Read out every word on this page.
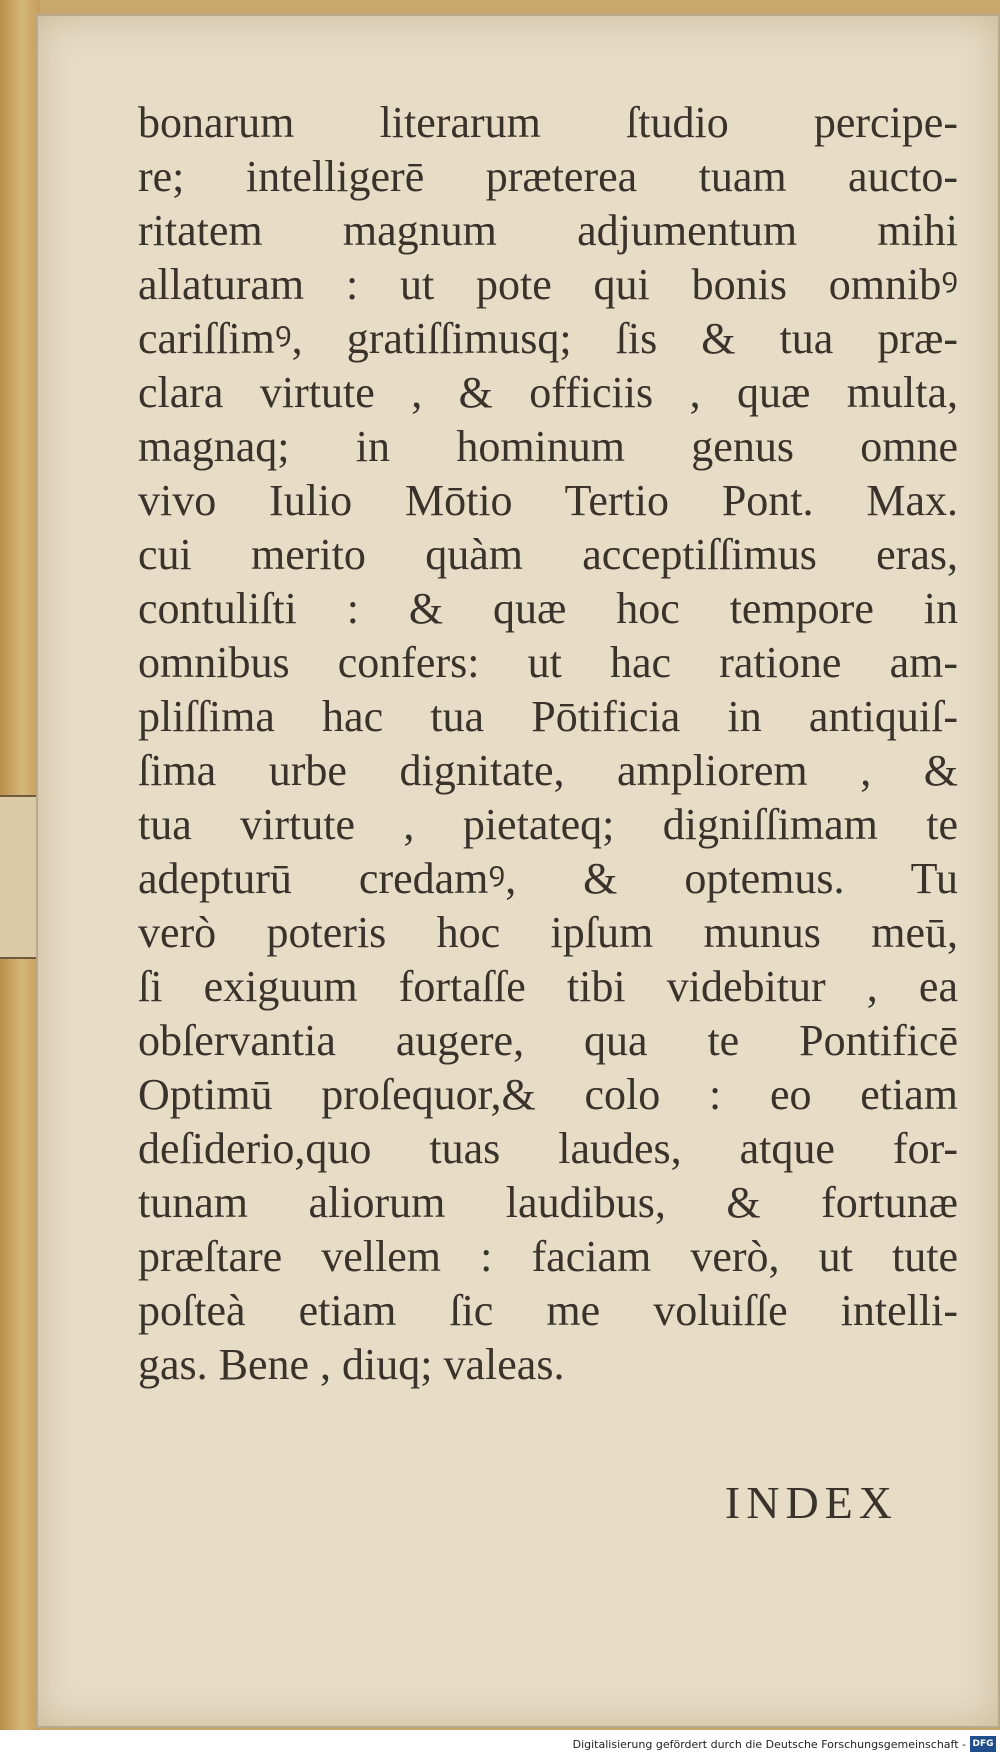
bonarum literarum ſtudio percipe-
re; intelligerē præterea tuam aucto-
ritatem magnum adjumentum mihi
allaturam : ut pote qui bonis omnibꝰ
cariſſimꝰ, gratiſſimusq; ſis & tua præ-
clara virtute , & officiis , quæ multa,
magnaq; in hominum genus omne
vivo Iulio Mōtio Tertio Pont. Max.
cui merito quàm acceptiſſimus eras,
contuliſti : & quæ hoc tempore in
omnibus confers: ut hac ratione am-
pliſſima hac tua Pōtificia in antiquiſ-
ſima urbe dignitate, ampliorem , &
tua virtute , pietateq; digniſſimam te
adepturū credamꝰ, & optemus. Tu
verò poteris hoc ipſum munus meū,
ſi exiguum fortaſſe tibi videbitur , ea
obſervantia augere, qua te Pontificē
Optimū proſequor,& colo : eo etiam
deſiderio,quo tuas laudes, atque for-
tunam aliorum laudibus, & fortunæ
præſtare vellem : faciam verò, ut tute
poſteà etiam ſic me voluiſſe intelli-
gas. Bene , diuq; valeas.
INDEX
Digitalisierung gefördert durch die Deutsche Forschungsgemeinschaft - DFG
